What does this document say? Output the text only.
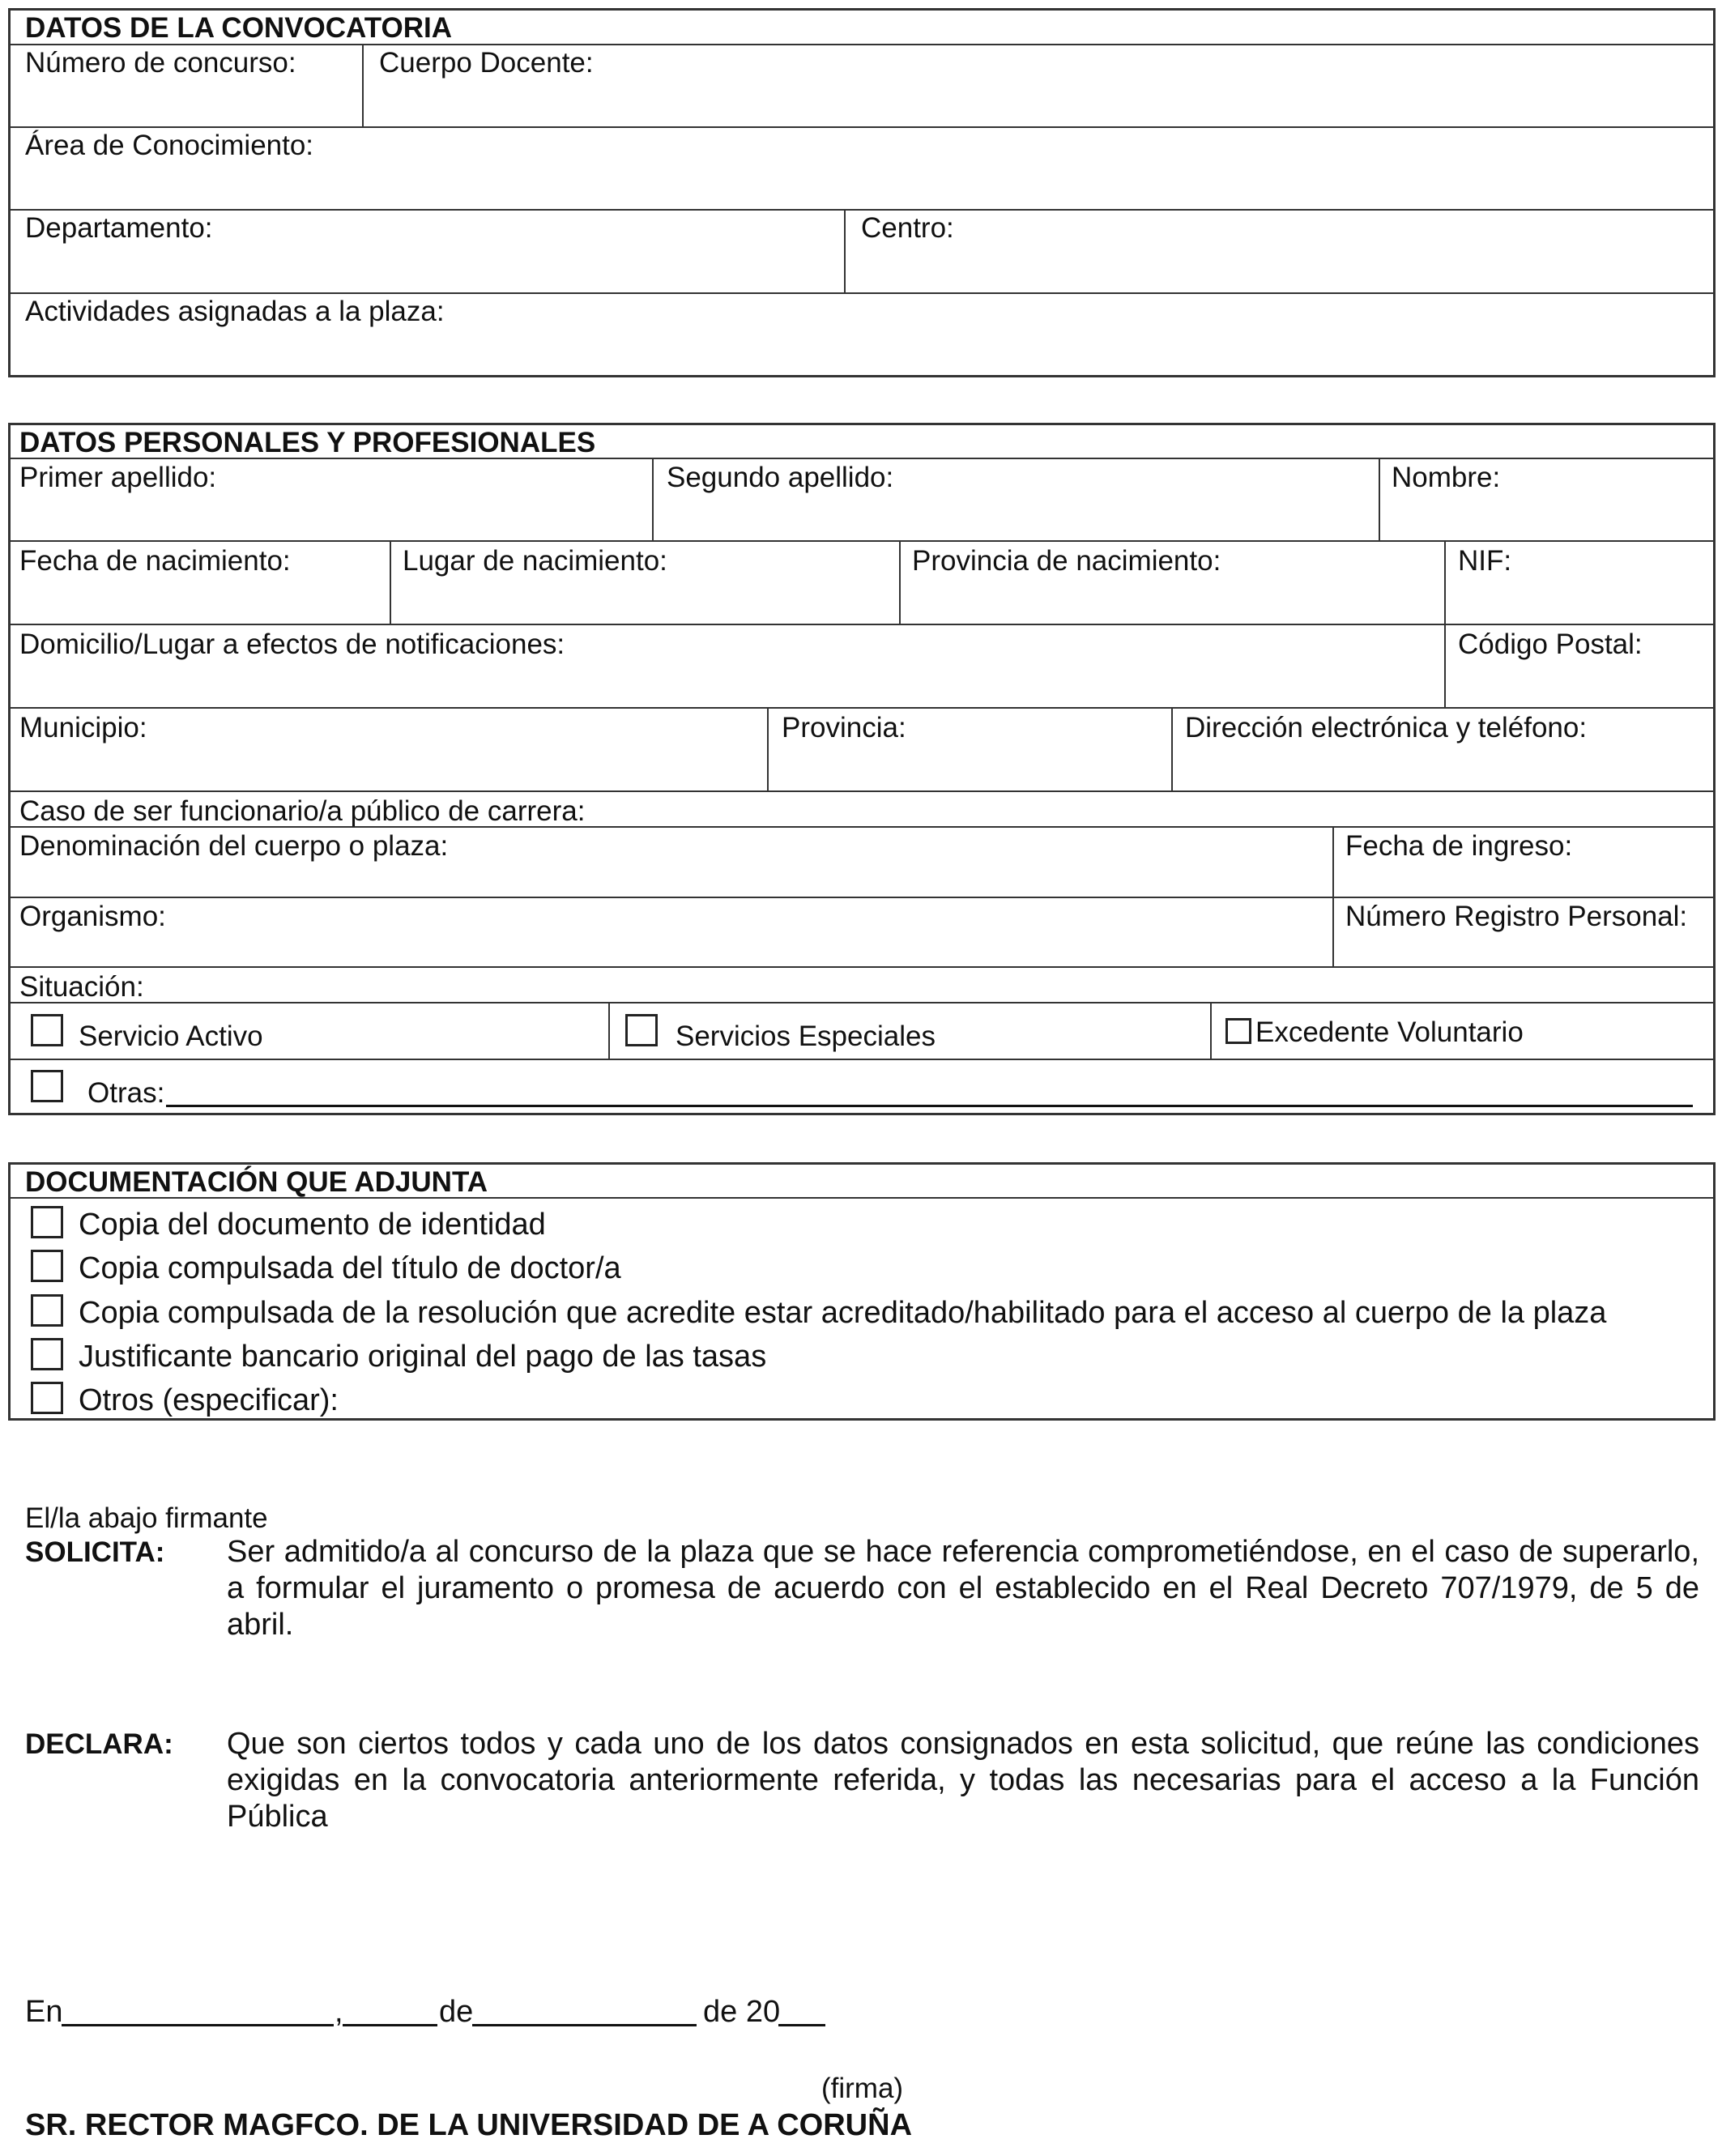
DATOS DE LA CONVOCATORIA
Número de concurso:	Cuerpo Docente:
Área de Conocimiento:
Departamento:	Centro:
Actividades asignadas a la plaza:
DATOS PERSONALES Y PROFESIONALES
Primer apellido:	Segundo apellido:	Nombre:
Fecha de nacimiento:	Lugar de nacimiento:	Provincia de nacimiento:	NIF:
Domicilio/Lugar a efectos de notificaciones:	Código Postal:
Municipio:	Provincia:	Dirección electrónica y teléfono:
Caso de ser funcionario/a público de carrera:
Denominación del cuerpo o plaza:	Fecha de ingreso:
Organismo:	Número Registro Personal:
Situación:
Servicio Activo	Servicios Especiales	Excedente Voluntario
Otras:
DOCUMENTACIÓN QUE ADJUNTA
Copia del documento de identidad
Copia compulsada del título de doctor/a
Copia compulsada de la resolución que acredite estar acreditado/habilitado para el acceso al cuerpo de la plaza
Justificante bancario original del pago de las tasas
Otros (especificar):
El/la abajo firmante
SOLICITA: Ser admitido/a al concurso de la plaza que se hace referencia comprometiéndose, en el caso de superarlo, a formular el juramento o promesa de acuerdo con el establecido en el Real Decreto 707/1979, de 5 de abril.
DECLARA: Que son ciertos todos y cada uno de los datos consignados en esta solicitud, que reúne las condiciones exigidas en la convocatoria anteriormente referida, y todas las necesarias para el acceso a la Función Pública
En	,	de	de 20
(firma)
SR. RECTOR MAGFCO. DE LA UNIVERSIDAD DE A CORUÑA
